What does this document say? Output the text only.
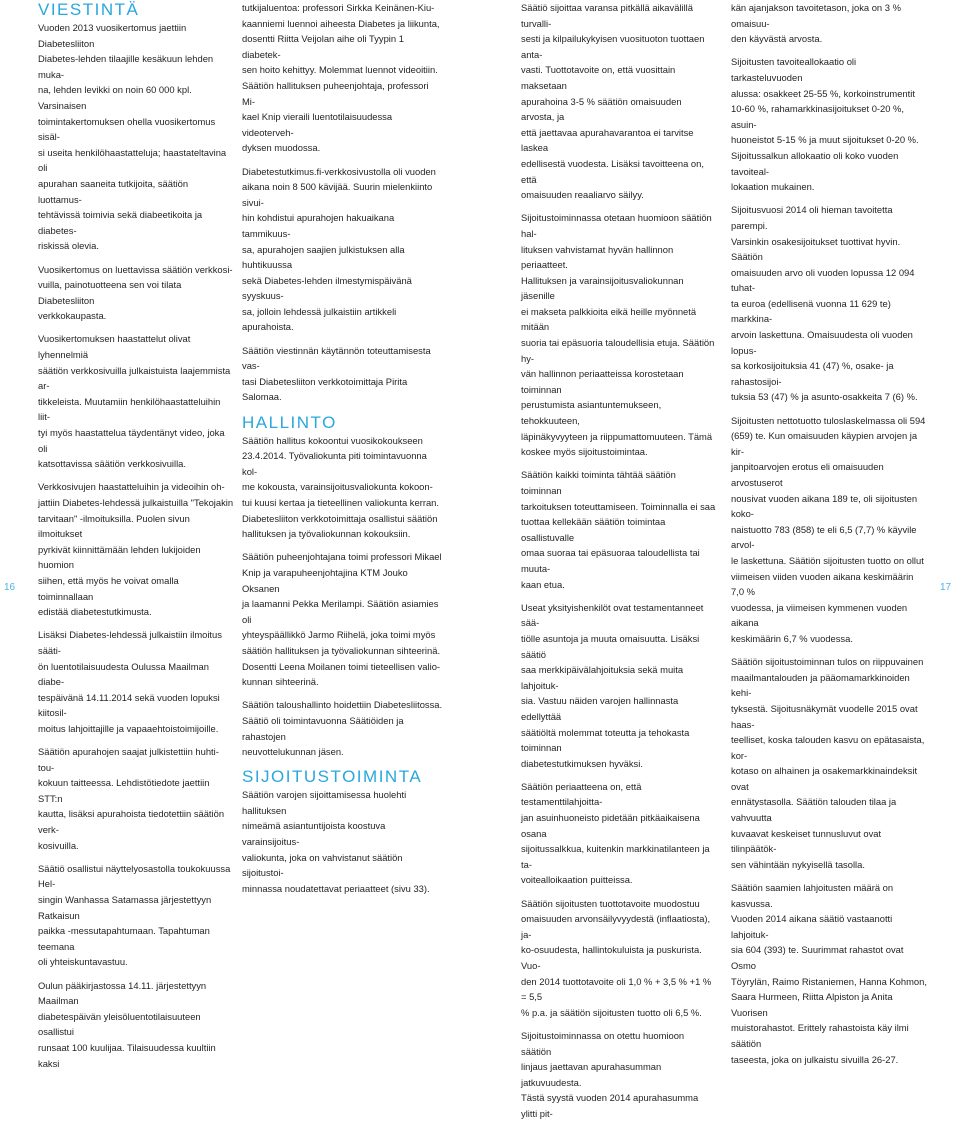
VIESTINTÄ

Vuoden 2013 vuosikertomus jaettiin Diabetesliiton

Diabetes-lehden tilaajille kesäkuun lehden muka-

na, lehden levikki on noin 60 000 kpl. Varsinaisen

toimintakertomuksen ohella vuosikertomus sisäl-

si useita henkilöhaastatteluja; haastateltavina oli

apurahan saaneita tutkijoita, säätiön luottamus-

tehtävissä toimivia sekä diabeetikoita ja diabetes-

riskissä olevia.

Vuosikertomus on luettavissa säätiön verkkosi-

vuilla, painotuotteena sen voi tilata Diabetesliiton

verkkokaupasta.

Vuosikertomuksen haastattelut olivat lyhennelmiä

säätiön verkkosivuilla julkaistuista laajemmista ar-

tikkeleista. Muutamiin henkilöhaastatteluihin liit-

tyi myös haastattelua täydentänyt video, joka oli

katsottavissa säätiön verkkosivuilla.

Verkkosivujen haastatteluihin ja videoihin oh-

jattiin Diabetes-lehdessä julkaistuilla "Tekojakin

tarvitaan" -ilmoituksilla. Puolen sivun ilmoitukset

pyrkivät kiinnittämään lehden lukijoiden huomion

siihen, että myös he voivat omalla toiminnallaan

edistää diabetestutkimusta.

Lisäksi Diabetes-lehdessä julkaistiin ilmoitus sääti-

ön luentotilaisuudesta Oulussa Maailman diabe-

tespäivänä 14.11.2014 sekä vuoden lopuksi kiitosil-

moitus lahjoittajille ja vapaaehtoistoimijoille.

Säätiön apurahojen saajat julkistettiin huhti-tou-

kokuun taitteessa. Lehdistötiedote jaettiin STT:n

kautta, lisäksi apurahoista tiedotettiin säätiön verk-

kosivuilla.

Säätiö osallistui näyttelyosastolla toukokuussa Hel-

singin Wanhassa Satamassa järjestettyyn Ratkaisun

paikka -messutapahtumaan. Tapahtuman teemana

oli yhteiskuntavastuu.

Oulun pääkirjastossa 14.11. järjestettyyn Maailman

diabetespäivän yleisöluentotilaisuuteen osallistui

runsaat 100 kuulijaa. Tilaisuudessa kuultiin kaksi

tutkijaluentoa: professori Sirkka Keinänen-Kiu-

kaanniemi luennoi aiheesta Diabetes ja liikunta,

dosentti Riitta Veijolan aihe oli Tyypin 1 diabetek-

sen hoito kehittyy. Molemmat luennot videoitiin.

Säätiön hallituksen puheenjohtaja, professori Mi-

kael Knip vieraili luentotilaisuudessa videoterveh-

dyksen muodossa.

Diabetestutkimus.fi-verkkosivustolla oli vuoden

aikana noin 8 500 kävijää. Suurin mielenkiinto sivui-

hin kohdistui apurahojen hakuaikana tammikuus-

sa, apurahojen saajien julkistuksen alla huhtikuussa

sekä Diabetes-lehden ilmestymispäivänä syyskuus-

sa, jolloin lehdessä julkaistiin artikkeli apurahoista.

Säätiön viestinnän käytännön toteuttamisesta vas-

tasi Diabetesliiton verkkotoimittaja Pirita Salomaa.

HALLINTO

Säätiön hallitus kokoontui vuosikokoukseen

23.4.2014. Työvaliokunta piti toimintavuonna kol-

me kokousta, varainsijoitusvaliokunta kokoon-

tui kuusi kertaa ja tieteellinen valiokunta kerran.

Diabetesliiton verkkotoimittaja osallistui säätiön

hallituksen ja työvaliokunnan kokouksiin.

Säätiön puheenjohtajana toimi professori Mikael

Knip ja varapuheenjohtajina KTM Jouko Oksanen

ja laamanni Pekka Merilampi. Säätiön asiamies oli

yhteyspäällikkö Jarmo Riihelä, joka toimi myös

säätiön hallituksen ja työvaliokunnan sihteerinä.

Dosentti Leena Moilanen toimi tieteellisen valio-

kunnan sihteerinä.

Säätiön taloushallinto hoidettiin Diabetesliitossa.

Säätiö oli toimintavuonna Säätiöiden ja rahastojen

neuvottelukunnan jäsen.

SIJOITUSTOIMINTA

Säätiön varojen sijoittamisessa huolehti hallituksen

nimeämä asiantuntijoista koostuva varainsijoitus-

valiokunta, joka on vahvistanut säätiön sijoitustoi-

minnassa noudatettavat periaatteet (sivu 33).

Säätiö sijoittaa varansa pitkällä aikavälillä turvalli-

sesti ja kilpailukykyisen vuosituoton tuottaen anta-

vasti. Tuottotavoite on, että vuosittain maksetaan

apurahoina 3-5 % säätiön omaisuuden arvosta, ja

että jaettavaa apurahavarantoa ei tarvitse laskea

edellisestä vuodesta. Lisäksi tavoitteena on, että

omaisuuden reaaliarvo säilyy.

Sijoitustoiminnassa otetaan huomioon säätiön hal-

lituksen vahvistamat hyvän hallinnon periaatteet.

Hallituksen ja varainsijoitusvaliokunnan jäsenille

ei makseta palkkioita eikä heille myönnetä mitään

suoria tai epäsuoria taloudellisia etuja. Säätiön hy-

vän hallinnon periaatteissa korostetaan toiminnan

perustumista asiantuntemukseen, tehokkuuteen,

läpinäkyvyyteen ja riippumattomuuteen. Tämä

koskee myös sijoitustoimintaa.

Säätiön kaikki toiminta tähtää säätiön toiminnan

tarkoituksen toteuttamiseen. Toiminnalla ei saa

tuottaa kellekään säätiön toimintaa osallistuvalle

omaa suoraa tai epäsuoraa taloudellista tai muuta-

kaan etua.

Useat yksityishenkilöt ovat testamentanneet sää-

tiölle asuntoja ja muuta omaisuutta. Lisäksi säätiö

saa merkkipäivälahjoituksia sekä muita lahjoituk-

sia. Vastuu näiden varojen hallinnasta edellyttää

säätiöltä molemmat toteutta ja tehokasta toiminnan

diabetestutkimuksen hyväksi.

Säätiön periaatteena on, että testamenttilahjoitta-

jan asuinhuoneisto pidetään pitkäaikaisena osana

sijoitussalkkua, kuitenkin markkinatilanteen ja ta-

voitealloikaation puitteissa.

Säätiön sijoitusten tuottotavoite muodostuu

omaisuuden arvonsäilyvyydestä (inflaatiosta), ja-

ko-osuudesta, hallintokuluista ja puskurista. Vuo-

den 2014 tuottotavoite oli 1,0 % + 3,5 % +1 % = 5,5

% p.a. ja säätiön sijoitusten tuotto oli 6,5 %.

Sijoitustoiminnassa on otettu huomioon säätiön

linjaus jaettavan apurahasumman jatkuvuudesta.

Tästä syystä vuoden 2014 apurahasumma ylitti pit-

kän ajanjakson tavoitetason, joka on 3 % omaisuu-

den käyvästä arvosta.

Sijoitusten tavoiteallokaatio oli tarkasteluvuoden

alussa: osakkeet 25-55 %, korkoinstrumentit

10-60 %, rahamarkkinasijoitukset 0-20 %, asuin-

huoneistot 5-15 % ja muut sijoitukset 0-20 %.

Sijoitussalkun allokaatio oli koko vuoden tavoiteal-

lokaation mukainen.

Sijoitusvuosi 2014 oli hieman tavoitetta parempi.

Varsinkin osakesijoitukset tuottivat hyvin. Säätiön

omaisuuden arvo oli vuoden lopussa 12 094 tuhat-

ta euroa (edellisenä vuonna 11 629 te) markkina-

arvoin laskettuna. Omaisuudesta oli vuoden lopus-

sa korkosijoituksia 41 (47) %, osake- ja rahastosijoi-

tuksia 53 (47) % ja asunto-osakkeita 7 (6) %.

Sijoitusten nettotuotto tuloslaskelmassa oli 594

(659) te. Kun omaisuuden käypien arvojen ja kir-

janpitoarvojen erotus eli omaisuuden arvostuserot

nousivat vuoden aikana 189 te, oli sijoitusten koko-

naistuotto 783 (858) te eli 6,5 (7,7) % käyvile arvol-

le laskettuna. Säätiön sijoitusten tuotto on ollut

viimeisen viiden vuoden aikana keskimäärin 7,0 %

vuodessa, ja viimeisen kymmenen vuoden aikana

keskimäärin 6,7 % vuodessa.

Säätiön sijoitustoiminnan tulos on riippuvainen

maailmantalouden ja pääomamarkkinoiden kehi-

tyksestä. Sijoitusnäkymät vuodelle 2015 ovat haas-

teelliset, koska talouden kasvu on epätasaista, kor-

kotaso on alhainen ja osakemarkkinaindeksit ovat

ennätystasolla. Säätiön talouden tilaa ja vahvuutta

kuvaavat keskeiset tunnusluvut ovat tilinpäätök-

sen vähintään nykyisellä tasolla.

Säätiön saamien lahjoitusten määrä on kasvussa.

Vuoden 2014 aikana säätiö vastaanotti lahjoituk-

sia 604 (393) te. Suurimmat rahastot ovat Osmo

Töyrylän, Raimo Ristaniemen, Hanna Kohmon,

Saara Hurmeen, Riitta Alpiston ja Anita Vuorisen

muistorahastot. Erittely rahastoista käy ilmi säätiön

taseesta, joka on julkaistu sivuilla 26-27.

16	17
